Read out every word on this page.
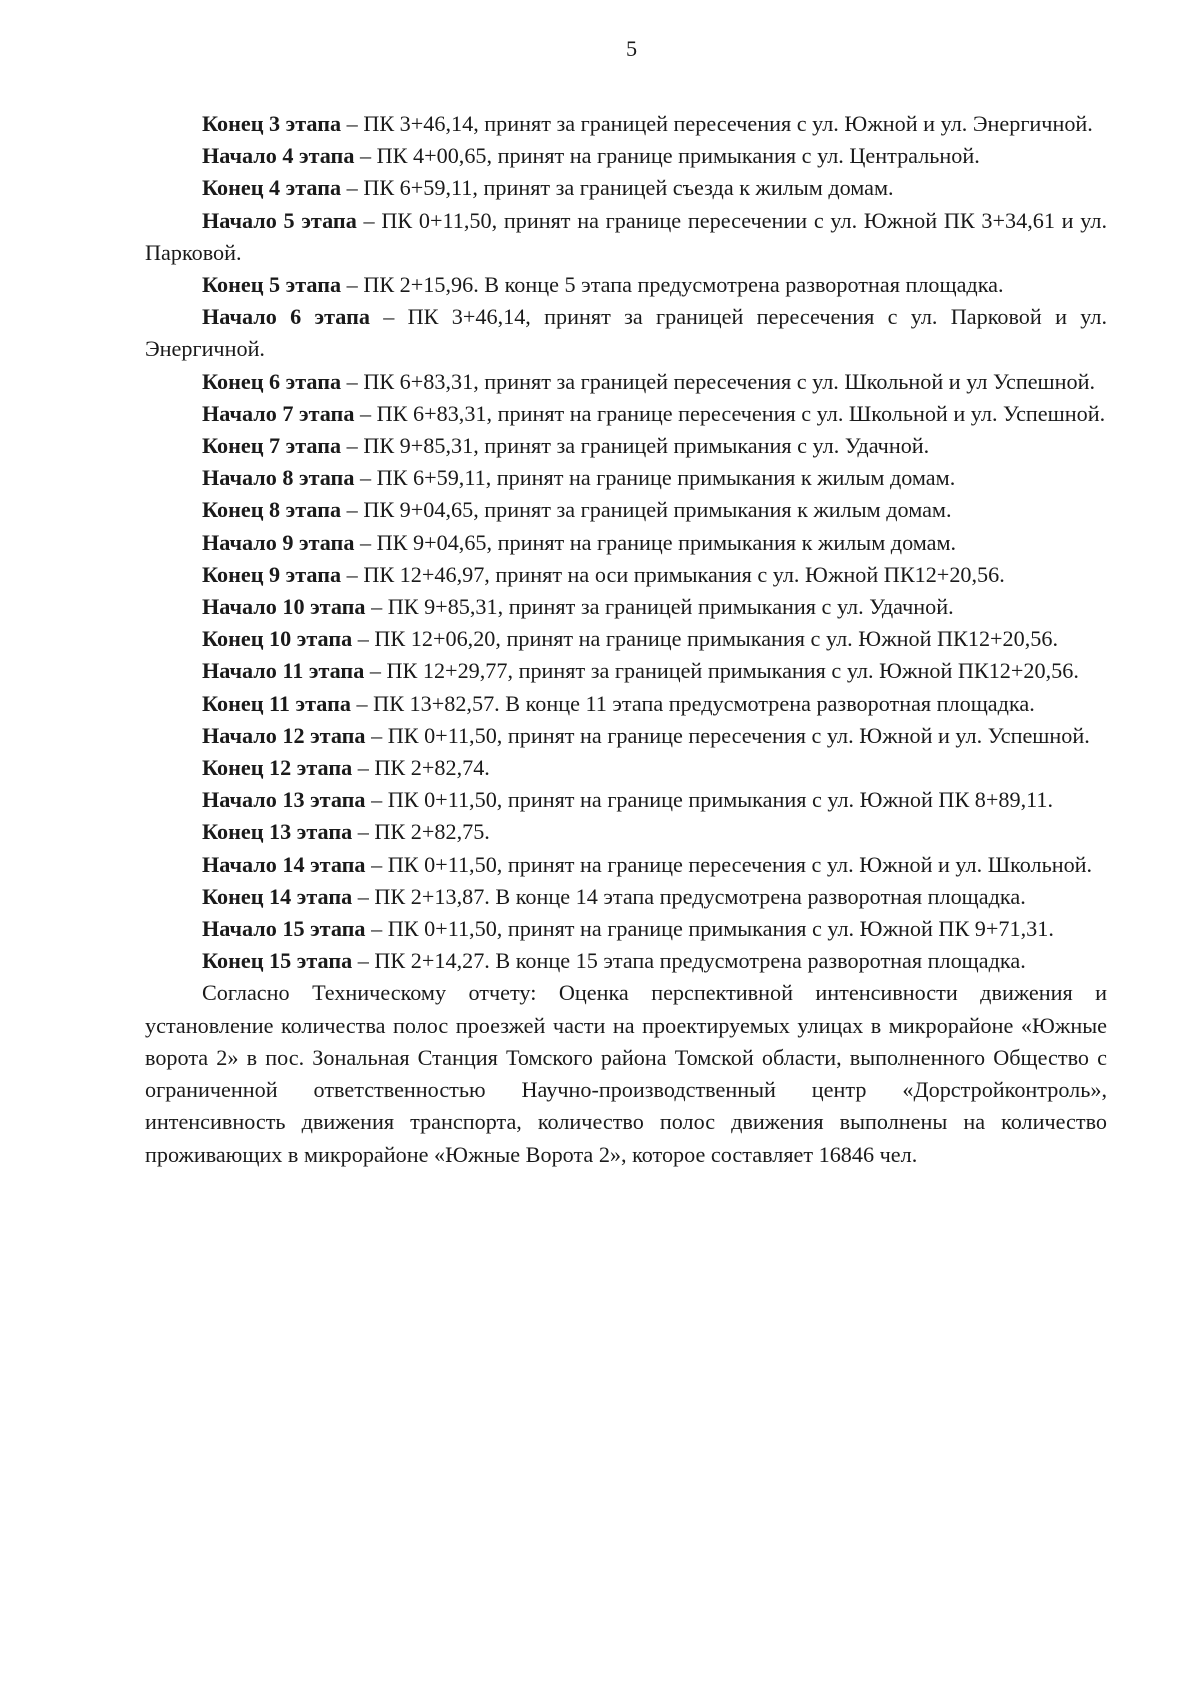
5

Конец 3 этапа – ПК 3+46,14, принят за границей пересечения с ул. Южной и ул. Энергичной.

Начало 4 этапа – ПК 4+00,65, принят на границе примыкания с ул. Центральной.

Конец 4 этапа – ПК 6+59,11, принят за границей съезда к жилым домам.

Начало 5 этапа – ПК 0+11,50, принят на границе пересечении с ул. Южной ПК 3+34,61 и ул. Парковой.

Конец 5 этапа – ПК 2+15,96. В конце 5 этапа предусмотрена разворотная площадка.

Начало 6 этапа – ПК 3+46,14, принят за границей пересечения с ул. Парковой и ул. Энергичной.

Конец 6 этапа – ПК 6+83,31, принят за границей пересечения с ул. Школьной и ул Успешной.

Начало 7 этапа – ПК 6+83,31, принят на границе пересечения с ул. Школьной и ул. Успешной.

Конец 7 этапа – ПК 9+85,31, принят за границей примыкания с ул. Удачной.

Начало 8 этапа – ПК 6+59,11, принят на границе примыкания к жилым домам.

Конец 8 этапа – ПК 9+04,65, принят за границей примыкания к жилым домам.

Начало 9 этапа – ПК 9+04,65, принят на границе примыкания к жилым домам.

Конец 9 этапа – ПК 12+46,97, принят на оси примыкания с ул. Южной ПК12+20,56.

Начало 10 этапа – ПК 9+85,31, принят за границей примыкания с ул. Удачной.

Конец 10 этапа – ПК 12+06,20, принят на границе примыкания с ул. Южной ПК12+20,56.

Начало 11 этапа – ПК 12+29,77, принят за границей примыкания с ул. Южной ПК12+20,56.

Конец 11 этапа – ПК 13+82,57. В конце 11 этапа предусмотрена разворотная площадка.

Начало 12 этапа – ПК 0+11,50, принят на границе пересечения с ул. Южной и ул. Успешной.

Конец 12 этапа – ПК 2+82,74.

Начало 13 этапа – ПК 0+11,50, принят на границе примыкания с ул. Южной ПК 8+89,11.

Конец 13 этапа – ПК 2+82,75.

Начало 14 этапа – ПК 0+11,50, принят на границе пересечения с ул. Южной и ул. Школьной.

Конец 14 этапа – ПК 2+13,87. В конце 14 этапа предусмотрена разворотная площадка.

Начало 15 этапа – ПК 0+11,50, принят на границе примыкания с ул. Южной ПК 9+71,31.

Конец 15 этапа – ПК 2+14,27. В конце 15 этапа предусмотрена разворотная площадка.

Согласно Техническому отчету: Оценка перспективной интенсивности движения и установление количества полос проезжей части на проектируемых улицах в микрорайоне «Южные ворота 2» в пос. Зональная Станция Томского района Томской области, выполненного Общество с ограниченной ответственностью Научно-производственный центр «Дорстройконтроль», интенсивность движения транспорта, количество полос движения выполнены на количество проживающих в микрорайоне «Южные Ворота 2», которое составляет 16846 чел.
